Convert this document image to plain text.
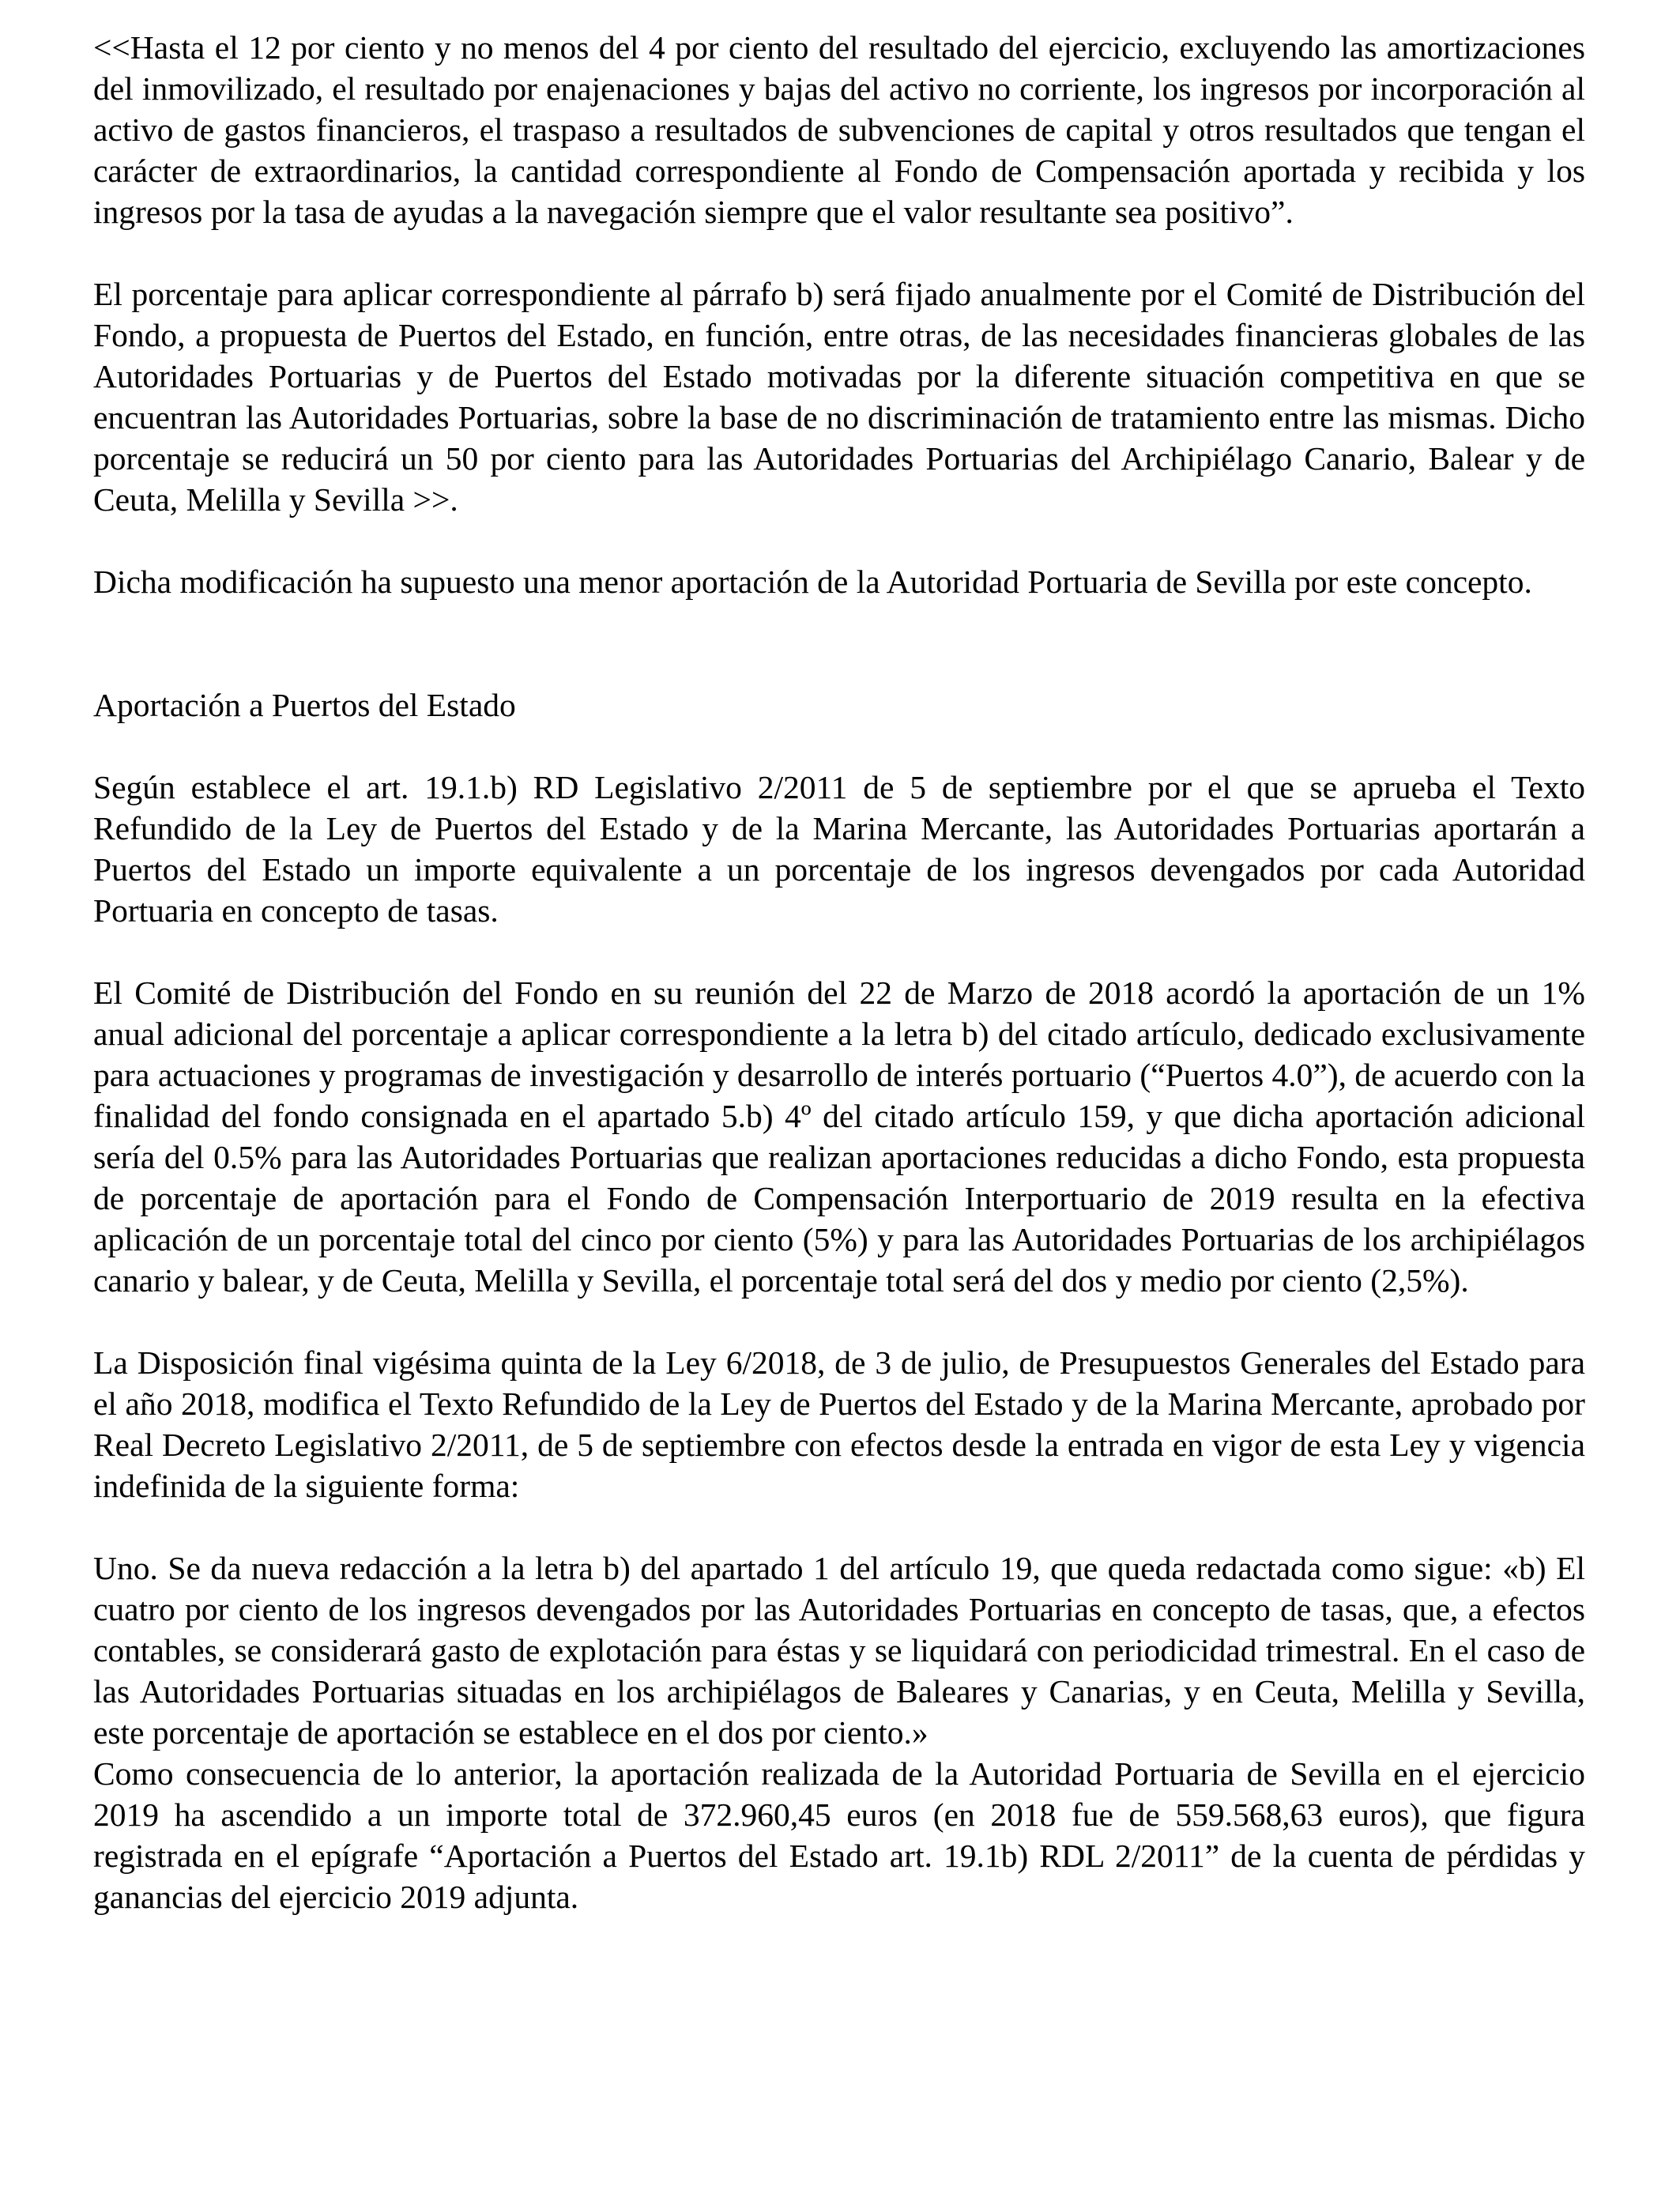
<<Hasta el 12 por ciento y no menos del 4 por ciento del resultado del ejercicio, excluyendo las amortizaciones del inmovilizado, el resultado por enajenaciones y bajas del activo no corriente, los ingresos por incorporación al activo de gastos financieros, el traspaso a resultados de subvenciones de capital y otros resultados que tengan el carácter de extraordinarios, la cantidad correspondiente al Fondo de Compensación aportada y recibida y los ingresos por la tasa de ayudas a la navegación siempre que el valor resultante sea positivo”.

El porcentaje para aplicar correspondiente al párrafo b) será fijado anualmente por el Comité de Distribución del Fondo, a propuesta de Puertos del Estado, en función, entre otras, de las necesidades financieras globales de las Autoridades Portuarias y de Puertos del Estado motivadas por la diferente situación competitiva en que se encuentran las Autoridades Portuarias, sobre la base de no discriminación de tratamiento entre las mismas. Dicho porcentaje se reducirá un 50 por ciento para las Autoridades Portuarias del Archipiélago Canario, Balear y de Ceuta, Melilla y Sevilla >>.

Dicha modificación ha supuesto una menor aportación de la Autoridad Portuaria de Sevilla por este concepto.

Aportación a Puertos del Estado

Según establece el art. 19.1.b) RD Legislativo 2/2011 de 5 de septiembre por el que se aprueba el Texto Refundido de la Ley de Puertos del Estado y de la Marina Mercante, las Autoridades Portuarias aportarán a Puertos del Estado un importe equivalente a un porcentaje de los ingresos devengados por cada Autoridad Portuaria en concepto de tasas.

El Comité de Distribución del Fondo en su reunión del 22 de Marzo de 2018 acordó la aportación de un 1% anual adicional del porcentaje a aplicar correspondiente a la letra b) del citado artículo, dedicado exclusivamente para actuaciones y programas de investigación y desarrollo de interés portuario (“Puertos 4.0”), de acuerdo con la finalidad del fondo consignada en el apartado 5.b) 4º del citado artículo 159, y que dicha aportación adicional sería del 0.5% para las Autoridades Portuarias que realizan aportaciones reducidas a dicho Fondo, esta propuesta de porcentaje de aportación para el Fondo de Compensación Interportuario de 2019 resulta en la efectiva aplicación de un porcentaje total del cinco por ciento (5%) y para las Autoridades Portuarias de los archipiélagos canario y balear, y de Ceuta, Melilla y Sevilla, el porcentaje total será del dos y medio por ciento (2,5%).

La Disposición final vigésima quinta de la Ley 6/2018, de 3 de julio, de Presupuestos Generales del Estado para el año 2018, modifica el Texto Refundido de la Ley de Puertos del Estado y de la Marina Mercante, aprobado por Real Decreto Legislativo 2/2011, de 5 de septiembre con efectos desde la entrada en vigor de esta Ley y vigencia indefinida de la siguiente forma:

Uno. Se da nueva redacción a la letra b) del apartado 1 del artículo 19, que queda redactada como sigue: «b) El cuatro por ciento de los ingresos devengados por las Autoridades Portuarias en concepto de tasas, que, a efectos contables, se considerará gasto de explotación para éstas y se liquidará con periodicidad trimestral. En el caso de las Autoridades Portuarias situadas en los archipiélagos de Baleares y Canarias, y en Ceuta, Melilla y Sevilla, este porcentaje de aportación se establece en el dos por ciento.»

Como consecuencia de lo anterior, la aportación realizada de la Autoridad Portuaria de Sevilla en el ejercicio 2019 ha ascendido a un importe total de 372.960,45 euros (en 2018 fue de 559.568,63 euros), que figura registrada en el epígrafe “Aportación a Puertos del Estado art. 19.1b) RDL 2/2011” de la cuenta de pérdidas y ganancias del ejercicio 2019 adjunta.
